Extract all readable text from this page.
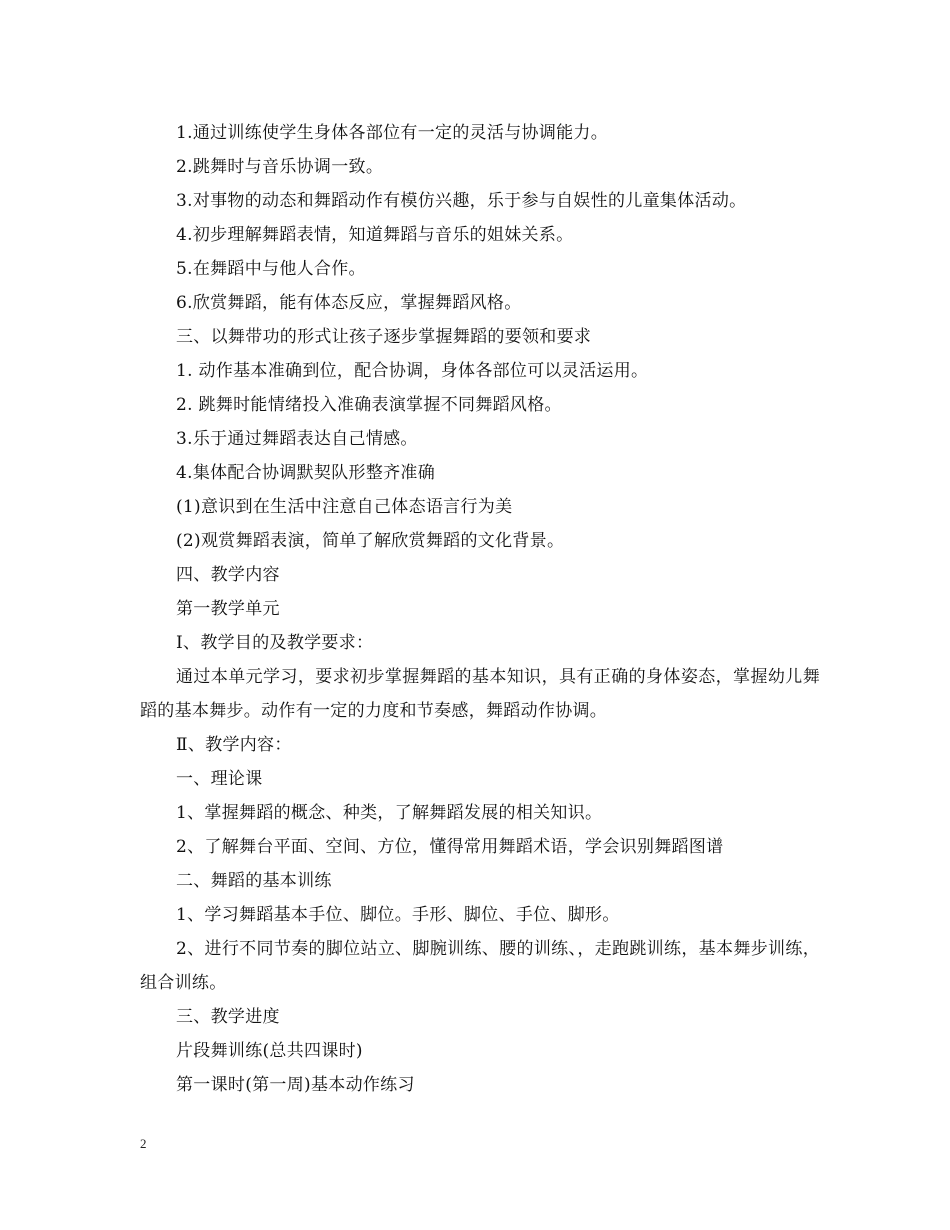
1.通过训练使学生身体各部位有一定的灵活与协调能力。

2.跳舞时与音乐协调一致。

3.对事物的动态和舞蹈动作有模仿兴趣，乐于参与自娱性的儿童集体活动。

4.初步理解舞蹈表情，知道舞蹈与音乐的姐妹关系。

5.在舞蹈中与他人合作。

6.欣赏舞蹈，能有体态反应，掌握舞蹈风格。

三、以舞带功的形式让孩子逐步掌握舞蹈的要领和要求

1. 动作基本准确到位，配合协调，身体各部位可以灵活运用。

2. 跳舞时能情绪投入准确表演掌握不同舞蹈风格。

3.乐于通过舞蹈表达自己情感。

4.集体配合协调默契队形整齐准确

(1)意识到在生活中注意自己体态语言行为美

(2)观赏舞蹈表演，简单了解欣赏舞蹈的文化背景。

四、教学内容

第一教学单元

Ⅰ、教学目的及教学要求：

通过本单元学习，要求初步掌握舞蹈的基本知识，具有正确的身体姿态，掌握幼儿舞蹈的基本舞步。动作有一定的力度和节奏感，舞蹈动作协调。

Ⅱ、教学内容：

一、理论课

1、掌握舞蹈的概念、种类，了解舞蹈发展的相关知识。

2、了解舞台平面、空间、方位，懂得常用舞蹈术语，学会识别舞蹈图谱

二、舞蹈的基本训练

1、学习舞蹈基本手位、脚位。手形、脚位、手位、脚形。

2、进行不同节奏的脚位站立、脚腕训练、腰的训练、，走跑跳训练，基本舞步训练，组合训练。

三、教学进度

片段舞训练(总共四课时)

第一课时(第一周)基本动作练习

2
